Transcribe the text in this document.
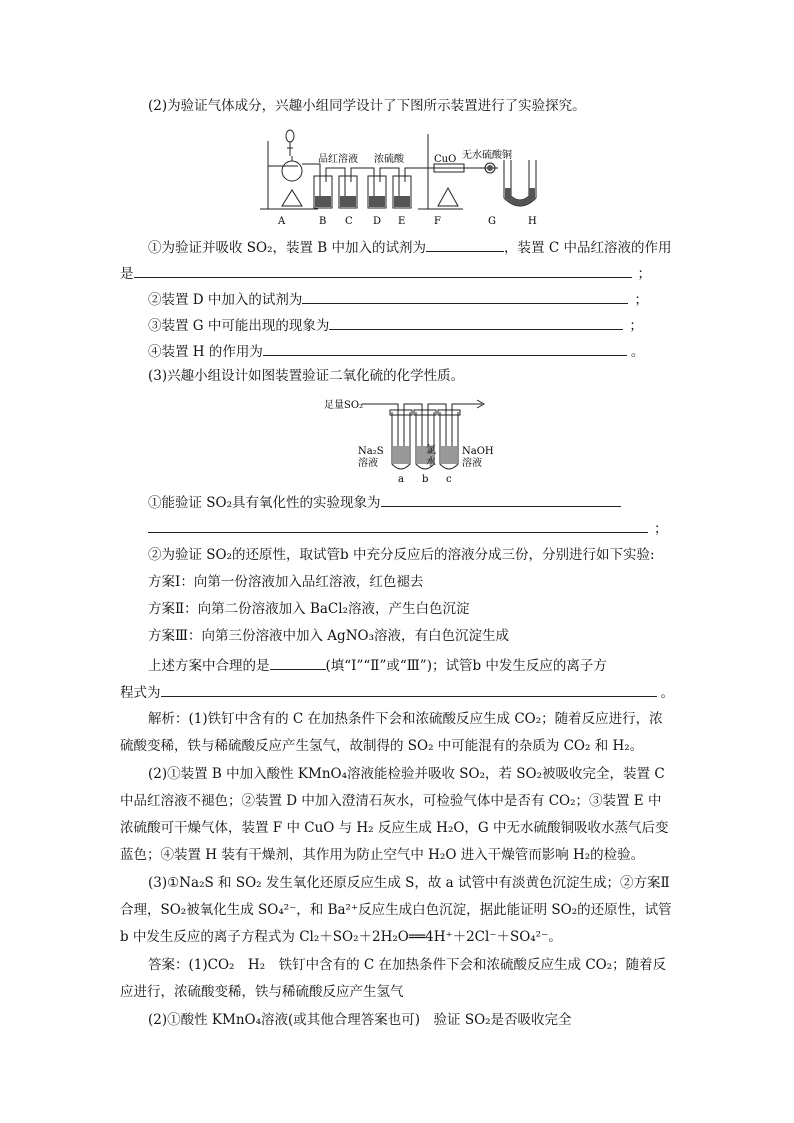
(2)为验证气体成分，兴趣小组同学设计了下图所示装置进行了实验探究。
品红溶液 浓硫酸	CuO 无水硫酸铜
A	B C D E	F	G	H
①为验证并吸收 SO₂，装置 B 中加入的试剂为	，装置 C 中品红溶液的作用
是	；
②装置 D 中加入的试剂为	；
③装置 G 中可能出现的现象为	；
④装置 H 的作用为	。
(3)兴趣小组设计如图装置验证二氧化硫的化学性质。
足量SO₂
Na₂S
溶液
氯
水
NaOH
溶液
a b c
①能验证 SO₂具有氧化性的实验现象为
；
②为验证 SO₂的还原性，取试管b 中充分反应后的溶液分成三份，分别进行如下实验:
方案Ⅰ：向第一份溶液加入品红溶液，红色褪去
方案Ⅱ：向第二份溶液加入 BaCl₂溶液，产生白色沉淀
方案Ⅲ：向第三份溶液中加入 AgNO₃溶液，有白色沉淀生成
上述方案中合理的是	(填“Ⅰ”“Ⅱ”或“Ⅲ”)；试管b 中发生反应的离子方
程式为	。
解析：(1)铁钉中含有的 C 在加热条件下会和浓硫酸反应生成 CO₂；随着反应进行，浓
硫酸变稀，铁与稀硫酸反应产生氢气，故制得的 SO₂ 中可能混有的杂质为 CO₂ 和 H₂。
(2)①装置 B 中加入酸性 KMnO₄溶液能检验并吸收 SO₂，若 SO₂被吸收完全，装置 C
中品红溶液不褪色；②装置 D 中加入澄清石灰水，可检验气体中是否有 CO₂；③装置 E 中
浓硫酸可干燥气体，装置 F 中 CuO 与 H₂ 反应生成 H₂O，G 中无水硫酸铜吸收水蒸气后变
蓝色；④装置 H 装有干燥剂，其作用为防止空气中 H₂O 进入干燥管而影响 H₂的检验。
(3)①Na₂S 和 SO₂ 发生氧化还原反应生成 S，故 a 试管中有淡黄色沉淀生成；②方案Ⅱ
合理，SO₂被氧化生成 SO₄²⁻，和 Ba²⁺反应生成白色沉淀，据此能证明 SO₂的还原性，试管
b 中发生反应的离子方程式为 Cl₂＋SO₂＋2H₂O══4H⁺＋2Cl⁻＋SO₄²⁻。
答案：(1)CO₂　H₂　铁钉中含有的 C 在加热条件下会和浓硫酸反应生成 CO₂；随着反
应进行，浓硫酸变稀，铁与稀硫酸反应产生氢气
(2)①酸性 KMnO₄溶液(或其他合理答案也可)　验证 SO₂是否吸收完全
